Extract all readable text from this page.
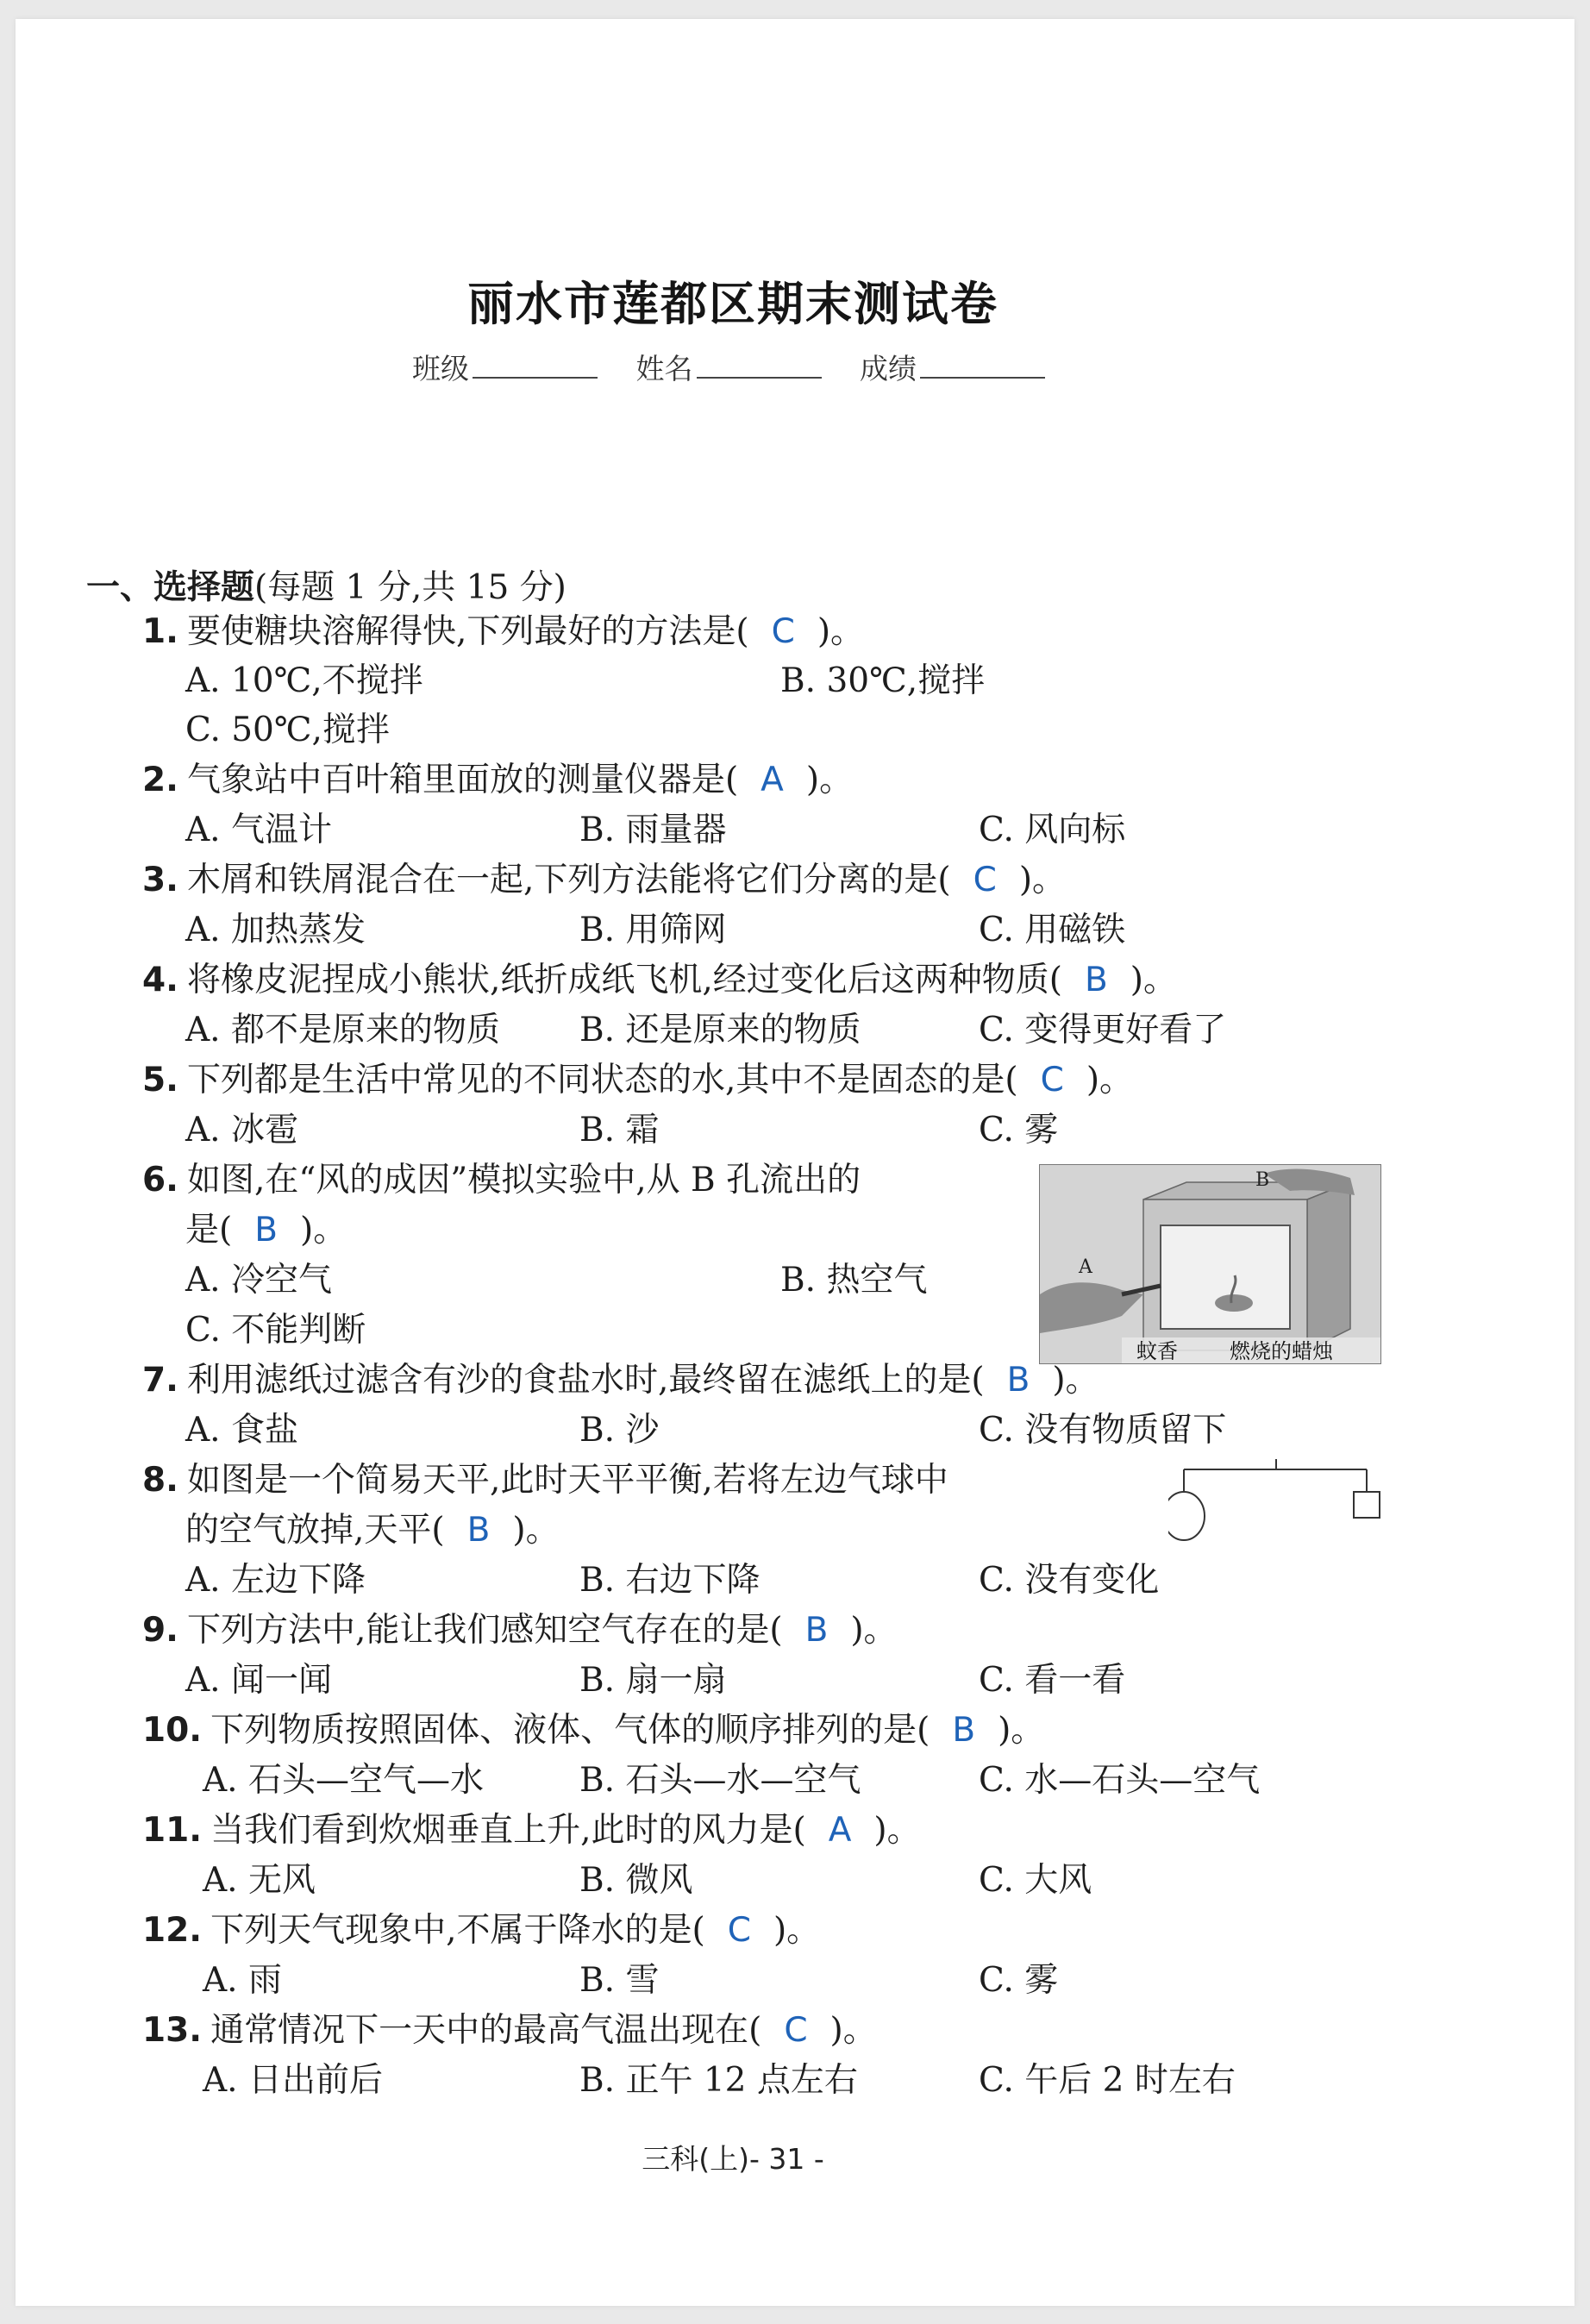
丽水市莲都区期末测试卷
班级	姓名	成绩
一、选择题(每题 1 分,共 15 分)
1. 要使糖块溶解得快,下列最好的方法是( C )。
A. 10℃,不搅拌	B. 30℃,搅拌
C. 50℃,搅拌
2. 气象站中百叶箱里面放的测量仪器是( A )。
A. 气温计	B. 雨量器	C. 风向标
3. 木屑和铁屑混合在一起,下列方法能将它们分离的是( C )。
A. 加热蒸发	B. 用筛网	C. 用磁铁
4. 将橡皮泥捏成小熊状,纸折成纸飞机,经过变化后这两种物质( B )。
A. 都不是原来的物质 B. 还是原来的物质	C. 变得更好看了
5. 下列都是生活中常见的不同状态的水,其中不是固态的是( C )。
A. 冰雹	B. 霜	C. 雾
6. 如图,在“风的成因”模拟实验中,从 B 孔流出的
是( B )。
A. 冷空气	B. 热空气
C. 不能判断
A
B
蚊香	燃烧的蜡烛
7. 利用滤纸过滤含有沙的食盐水时,最终留在滤纸上的是( B )。
A. 食盐	B. 沙	C. 没有物质留下
8. 如图是一个简易天平,此时天平平衡,若将左边气球中
的空气放掉,天平( B )。
A. 左边下降	B. 右边下降	C. 没有变化
9. 下列方法中,能让我们感知空气存在的是( B )。
A. 闻一闻	B. 扇一扇	C. 看一看
10. 下列物质按照固体、液体、气体的顺序排列的是( B )。
A. 石头—空气—水	B. 石头—水—空气	C. 水—石头—空气
11. 当我们看到炊烟垂直上升,此时的风力是( A )。
A. 无风	B. 微风	C. 大风
12. 下列天气现象中,不属于降水的是( C )。
A. 雨	B. 雪	C. 雾
13. 通常情况下一天中的最高气温出现在( C )。
A. 日出前后	B. 正午 12 点左右	C. 午后 2 时左右
三科(上)- 31 -
